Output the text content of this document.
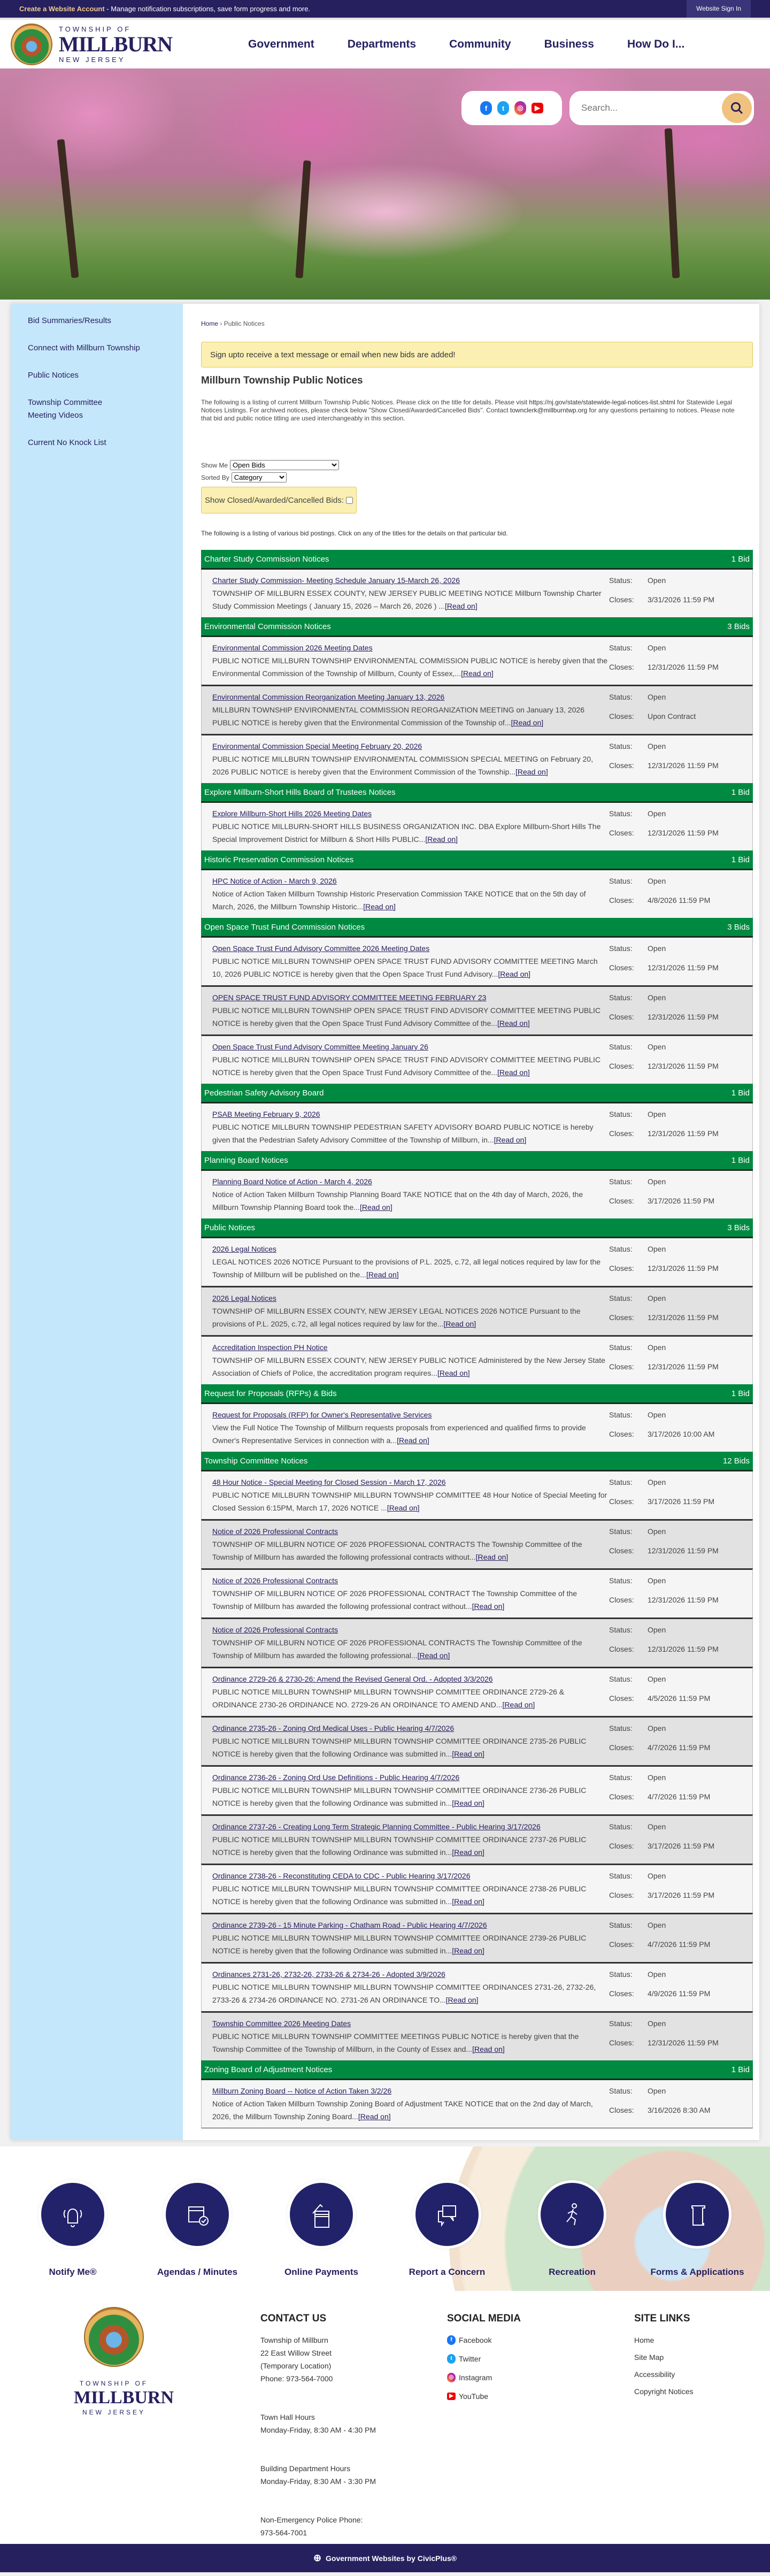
Create a Website Account - Manage notification subscriptions, save form progress and more.	Website Sign In
TOWNSHIP OF
MILLBURN
NEW JERSEY
Government	Departments	Community	Business	How Do I...
f	t	◎	▶
Search...
Bid Summaries/Results
Connect with Millburn Township
Public Notices
Township Committee Meeting Videos
Current No Knock List
Home › Public Notices
Sign up to receive a text message or email when new bids are added!
Millburn Township Public Notices

The following is a listing of current Millburn Township Public Notices. Please click on the title for details. Please visit https://nj.gov/state/statewide-legal-notices-list.shtml for Statewide Legal Notices Listings. For archived notices, please check below "Show Closed/Awarded/Cancelled Bids". Contact townclerk@millburntwp.org for any questions pertaining to notices. Please note that bid and public notice titling are used interchangeably in this section.

Show Me
Open Bids
Sorted By
Category
Show Closed/Awarded/Cancelled Bids:

The following is a listing of various bid postings. Click on any of the titles for the details on that particular bid.

Charter Study Commission Notices	1 Bid
Charter Study Commission- Meeting Schedule January 15-March 26, 2026
TOWNSHIP OF MILLBURN ESSEX COUNTY, NEW JERSEY PUBLIC MEETING NOTICE Millburn Township Charter Study Commission Meetings ( January 15, 2026 – March 26, 2026 ) ...[Read on]
Status:	Open
Closes:	3/31/2026 11:59 PM
Environmental Commission Notices	3 Bids
Environmental Commission 2026 Meeting Dates
PUBLIC NOTICE MILLBURN TOWNSHIP ENVIRONMENTAL COMMISSION PUBLIC NOTICE is hereby given that the Environmental Commission of the Township of Millburn, County of Essex,...[Read on]
Status:	Open
Closes:	12/31/2026 11:59 PM
Environmental Commission Reorganization Meeting January 13, 2026
MILLBURN TOWNSHIP ENVIRONMENTAL COMMISSION REORGANIZATION MEETING on January 13, 2026 PUBLIC NOTICE is hereby given that the Environmental Commission of the Township of...[Read on]
Status:	Open
Closes:	Upon Contract
Environmental Commission Special Meeting February 20, 2026
PUBLIC NOTICE MILLBURN TOWNSHIP ENVIRONMENTAL COMMISSION SPECIAL MEETING on February 20, 2026 PUBLIC NOTICE is hereby given that the Environment Commission of the Township...[Read on]
Status:	Open
Closes:	12/31/2026 11:59 PM
Explore Millburn-Short Hills Board of Trustees Notices	1 Bid
Explore Millburn-Short Hills 2026 Meeting Dates
PUBLIC NOTICE MILLBURN-SHORT HILLS BUSINESS ORGANIZATION INC. DBA Explore Millburn-Short Hills The Special Improvement District for Millburn & Short Hills PUBLIC...[Read on]
Status:	Open
Closes:	12/31/2026 11:59 PM
Historic Preservation Commission Notices	1 Bid
HPC Notice of Action - March 9, 2026
Notice of Action Taken Millburn Township Historic Preservation Commission TAKE NOTICE that on the 5th day of March, 2026, the Millburn Township Historic...[Read on]
Status:	Open
Closes:	4/8/2026 11:59 PM
Open Space Trust Fund Commission Notices	3 Bids
Open Space Trust Fund Advisory Committee 2026 Meeting Dates
PUBLIC NOTICE MILLBURN TOWNSHIP OPEN SPACE TRUST FUND ADVISORY COMMITTEE MEETING March 10, 2026 PUBLIC NOTICE is hereby given that the Open Space Trust Fund Advisory...[Read on]
Status:	Open
Closes:	12/31/2026 11:59 PM
OPEN SPACE TRUST FUND ADVISORY COMMITTEE MEETING FEBRUARY 23
PUBLIC NOTICE MILLBURN TOWNSHIP OPEN SPACE TRUST FIND ADVISORY COMMITTEE MEETING PUBLIC NOTICE is hereby given that the Open Space Trust Fund Advisory Committee of the...[Read on]
Status:	Open
Closes:	12/31/2026 11:59 PM
Open Space Trust Fund Advisory Committee Meeting January 26
PUBLIC NOTICE MILLBURN TOWNSHIP OPEN SPACE TRUST FIND ADVISORY COMMITTEE MEETING PUBLIC NOTICE is hereby given that the Open Space Trust Fund Advisory Committee of the...[Read on]
Status:	Open
Closes:	12/31/2026 11:59 PM
Pedestrian Safety Advisory Board	1 Bid
PSAB Meeting February 9, 2026
PUBLIC NOTICE MILLBURN TOWNSHIP PEDESTRIAN SAFETY ADVISORY BOARD PUBLIC NOTICE is hereby given that the Pedestrian Safety Advisory Committee of the Township of Millburn, in...[Read on]
Status:	Open
Closes:	12/31/2026 11:59 PM
Planning Board Notices	1 Bid
Planning Board Notice of Action - March 4, 2026
Notice of Action Taken Millburn Township Planning Board TAKE NOTICE that on the 4th day of March, 2026, the Millburn Township Planning Board took the...[Read on]
Status:	Open
Closes:	3/17/2026 11:59 PM
Public Notices	3 Bids
2026 Legal Notices
LEGAL NOTICES 2026 NOTICE Pursuant to the provisions of P.L. 2025, c.72, all legal notices required by law for the Township of Millburn will be published on the...[Read on]
Status:	Open
Closes:	12/31/2026 11:59 PM
2026 Legal Notices
TOWNSHIP OF MILLBURN ESSEX COUNTY, NEW JERSEY LEGAL NOTICES 2026 NOTICE Pursuant to the provisions of P.L. 2025, c.72, all legal notices required by law for the...[Read on]
Status:	Open
Closes:	12/31/2026 11:59 PM
Accreditation Inspection PH Notice
TOWNSHIP OF MILLBURN ESSEX COUNTY, NEW JERSEY PUBLIC NOTICE Administered by the New Jersey State Association of Chiefs of Police, the accreditation program requires...[Read on]
Status:	Open
Closes:	12/31/2026 11:59 PM
Request for Proposals (RFPs) & Bids	1 Bid
Request for Proposals (RFP) for Owner's Representative Services
View the Full Notice The Township of Millburn requests proposals from experienced and qualified firms to provide Owner's Representative Services in connection with a...[Read on]
Status:	Open
Closes:	3/17/2026 10:00 AM
Township Committee Notices	12 Bids
48 Hour Notice - Special Meeting for Closed Session - March 17, 2026
PUBLIC NOTICE MILLBURN TOWNSHIP MILLBURN TOWNSHIP COMMITTEE 48 Hour Notice of Special Meeting for Closed Session 6:15PM, March 17, 2026 NOTICE ...[Read on]
Status:	Open
Closes:	3/17/2026 11:59 PM
Notice of 2026 Professional Contracts
TOWNSHIP OF MILLBURN NOTICE OF 2026 PROFESSIONAL CONTRACTS The Township Committee of the Township of Millburn has awarded the following professional contracts without...[Read on]
Status:	Open
Closes:	12/31/2026 11:59 PM
Notice of 2026 Professional Contracts
TOWNSHIP OF MILLBURN NOTICE OF 2026 PROFESSIONAL CONTRACT The Township Committee of the Township of Millburn has awarded the following professional contract without...[Read on]
Status:	Open
Closes:	12/31/2026 11:59 PM
Notice of 2026 Professional Contracts
TOWNSHIP OF MILLBURN NOTICE OF 2026 PROFESSIONAL CONTRACTS The Township Committee of the Township of Millburn has awarded the following professional...[Read on]
Status:	Open
Closes:	12/31/2026 11:59 PM
Ordinance 2729-26 & 2730-26: Amend the Revised General Ord. - Adopted 3/3/2026
PUBLIC NOTICE MILLBURN TOWNSHIP MILLBURN TOWNSHIP COMMITTEE ORDINANCE 2729-26 & ORDINANCE 2730-26 ORDINANCE NO. 2729-26 AN ORDINANCE TO AMEND AND...[Read on]
Status:	Open
Closes:	4/5/2026 11:59 PM
Ordinance 2735-26 - Zoning Ord Medical Uses - Public Hearing 4/7/2026
PUBLIC NOTICE MILLBURN TOWNSHIP MILLBURN TOWNSHIP COMMITTEE ORDINANCE 2735-26 PUBLIC NOTICE is hereby given that the following Ordinance was submitted in...[Read on]
Status:	Open
Closes:	4/7/2026 11:59 PM
Ordinance 2736-26 - Zoning Ord Use Definitions - Public Hearing 4/7/2026
PUBLIC NOTICE MILLBURN TOWNSHIP MILLBURN TOWNSHIP COMMITTEE ORDINANCE 2736-26 PUBLIC NOTICE is hereby given that the following Ordinance was submitted in...[Read on]
Status:	Open
Closes:	4/7/2026 11:59 PM
Ordinance 2737-26 - Creating Long Term Strategic Planning Committee - Public Hearing 3/17/2026
PUBLIC NOTICE MILLBURN TOWNSHIP MILLBURN TOWNSHIP COMMITTEE ORDINANCE 2737-26 PUBLIC NOTICE is hereby given that the following Ordinance was submitted in...[Read on]
Status:	Open
Closes:	3/17/2026 11:59 PM
Ordinance 2738-26 - Reconstituting CEDA to CDC - Public Hearing 3/17/2026
PUBLIC NOTICE MILLBURN TOWNSHIP MILLBURN TOWNSHIP COMMITTEE ORDINANCE 2738-26 PUBLIC NOTICE is hereby given that the following Ordinance was submitted in...[Read on]
Status:	Open
Closes:	3/17/2026 11:59 PM
Ordinance 2739-26 - 15 Minute Parking - Chatham Road - Public Hearing 4/7/2026
PUBLIC NOTICE MILLBURN TOWNSHIP MILLBURN TOWNSHIP COMMITTEE ORDINANCE 2739-26 PUBLIC NOTICE is hereby given that the following Ordinance was submitted in...[Read on]
Status:	Open
Closes:	4/7/2026 11:59 PM
Ordinances 2731-26, 2732-26, 2733-26 & 2734-26 - Adopted 3/9/2026
PUBLIC NOTICE MILLBURN TOWNSHIP MILLBURN TOWNSHIP COMMITTEE ORDINANCES 2731-26, 2732-26, 2733-26 & 2734-26 ORDINANCE NO. 2731-26 AN ORDINANCE TO...[Read on]
Status:	Open
Closes:	4/9/2026 11:59 PM
Township Committee 2026 Meeting Dates
PUBLIC NOTICE MILLBURN TOWNSHIP COMMITTEE MEETINGS PUBLIC NOTICE is hereby given that the Township Committee of the Township of Millburn, in the County of Essex and...[Read on]
Status:	Open
Closes:	12/31/2026 11:59 PM
Zoning Board of Adjustment Notices	1 Bid
Millburn Zoning Board -- Notice of Action Taken 3/2/26
Notice of Action Taken Millburn Township Zoning Board of Adjustment TAKE NOTICE that on the 2nd day of March, 2026, the Millburn Township Zoning Board...[Read on]
Status:	Open
Closes:	3/16/2026 8:30 AM
Notify Me®	Agendas / Minutes	Online Payments	Report a Concern	Recreation	Forms & Applications
TOWNSHIP OF
MILLBURN
NEW JERSEY
CONTACT US
Township of Millburn
22 East Willow Street
(Temporary Location)
Phone: 973-564-7000
Town Hall Hours
Monday-Friday, 8:30 AM - 4:30 PM
Building Department Hours
Monday-Friday, 8:30 AM - 3:30 PM
Non-Emergency Police Phone:
973-564-7001
SOCIAL MEDIA
f Facebook
t Twitter
◎ Instagram
▶ YouTube
SITE LINKS
Home
Site Map
Accessibility
Copyright Notices
⊕ Government Websites by CivicPlus®
